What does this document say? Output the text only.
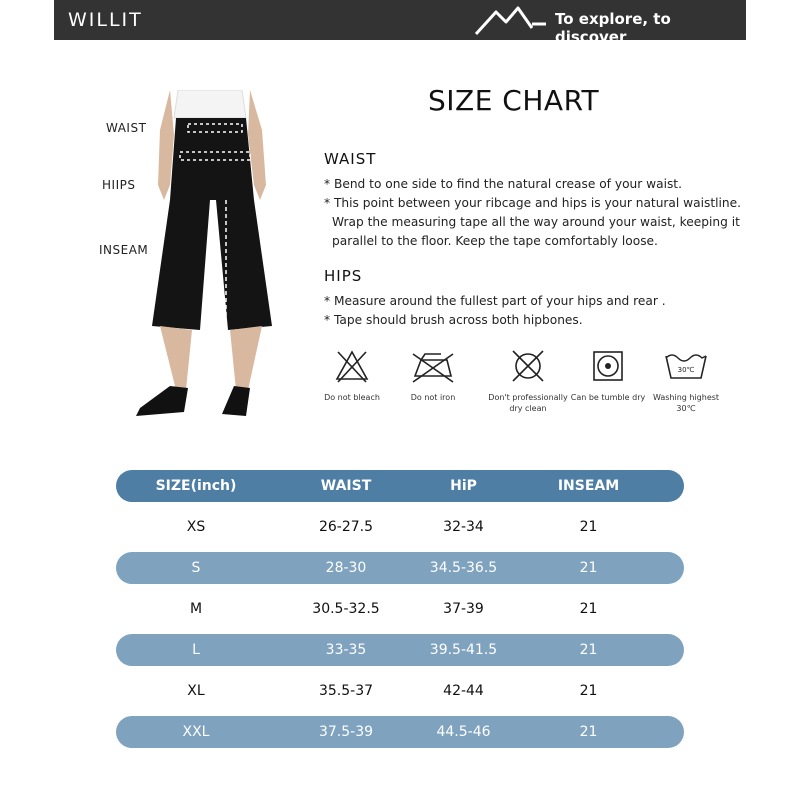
WILLIT	To explore, to discover
WAIST
HIIPS
INSEAM
SIZE CHART
WAIST
* Bend to one side to find the natural crease of your waist.
* This point between your ribcage and hips is your natural waistline.
Wrap the measuring tape all the way around your waist, keeping it
parallel to the floor. Keep the tape comfortably loose.
HIPS
* Measure around the fullest part of your hips and rear .
* Tape should brush across both hipbones.
Do not bleach	Do not iron	Don't professionally dry clean
Can be tumble dry
30℃
Washing highest 30℃
SIZE(inch)	WAIST	HiP	INSEAM
XS	26-27.5	32-34	21
S	28-30	34.5-36.5	21
M	30.5-32.5	37-39	21
L	33-35	39.5-41.5	21
XL	35.5-37	42-44	21
XXL	37.5-39	44.5-46	21
